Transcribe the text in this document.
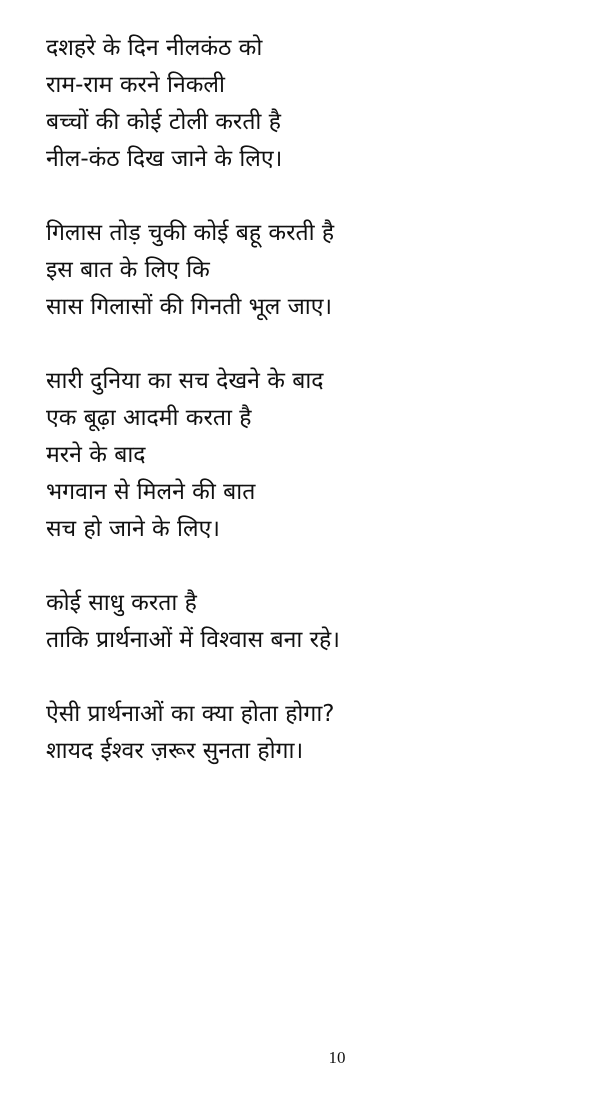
दशहरे के दिन नीलकंठ को
राम-राम करने निकली
बच्चों की कोई टोली करती है
नील-कंठ दिख जाने के लिए।
गिलास तोड़ चुकी कोई बहू करती है
इस बात के लिए कि
सास गिलासों की गिनती भूल जाए।
सारी दुनिया का सच देखने के बाद
एक बूढ़ा आदमी करता है
मरने के बाद
भगवान से मिलने की बात
सच हो जाने के लिए।
कोई साधु करता है
ताकि प्रार्थनाओं में विश्वास बना रहे।
ऐसी प्रार्थनाओं का क्या होता होगा?
शायद ईश्वर ज़रूर सुनता होगा।
10
